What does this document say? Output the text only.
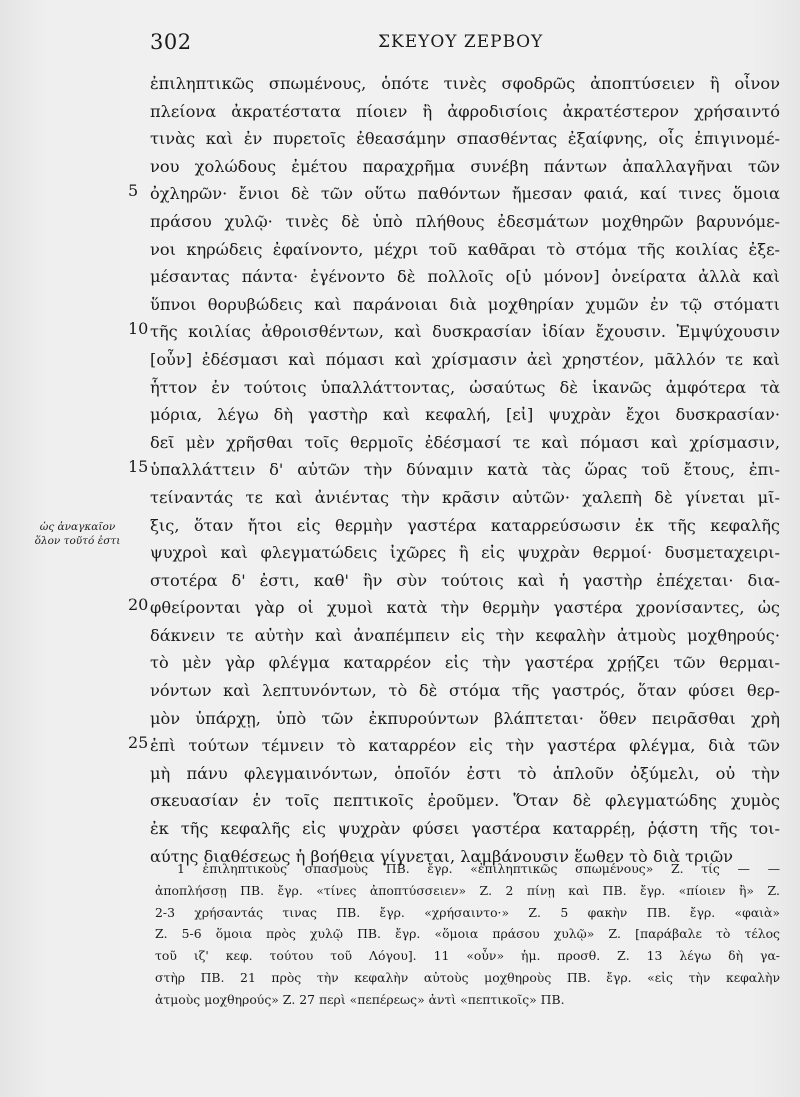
302	ΣΚΕΥΟΥ ΖΕΡΒΟΥ
ἐπιληπτικῶς σπωμένους, ὁπότε τινὲς σφοδρῶς ἀποπτύσειεν ἢ οἶνον
πλείονα ἀκρατέστατα πίοιεν ἢ ἀφροδισίοις ἀκρατέστερον χρήσαιντό
τινὰς καὶ ἐν πυρετοῖς ἐθεασάμην σπασθέντας ἐξαίφνης, οἷς ἐπιγινομέ-
νου χολώδους ἐμέτου παραχρῆμα συνέβη πάντων ἀπαλλαγῆναι τῶν
ὀχληρῶν· ἔνιοι δὲ τῶν οὕτω παθόντων ἤμεσαν φαιά, καί τινες ὅμοια
πράσου χυλῷ· τινὲς δὲ ὑπὸ πλήθους ἐδεσμάτων μοχθηρῶν βαρυνόμε-
νοι κηρώδεις ἐφαίνοντο, μέχρι τοῦ καθᾶραι τὸ στόμα τῆς κοιλίας ἐξε-
μέσαντας πάντα· ἐγένοντο δὲ πολλοῖς ο[ὐ μόνον] ὀνείρατα ἀλλὰ καὶ
ὕπνοι θορυβώδεις καὶ παράνοιαι διὰ μοχθηρίαν χυμῶν ἐν τῷ στόματι
τῆς κοιλίας ἀθροισθέντων, καὶ δυσκρασίαν ἰδίαν ἔχουσιν. Ἐμψύχουσιν
[οὖν] ἐδέσμασι καὶ πόμασι καὶ χρίσμασιν ἀεὶ χρηστέον, μᾶλλόν τε καὶ
ἧττον ἐν τούτοις ὑπαλλάττοντας, ὡσαύτως δὲ ἱκανῶς ἀμφότερα τὰ
μόρια, λέγω δὴ γαστὴρ καὶ κεφαλή, [εἰ] ψυχρὰν ἔχοι δυσκρασίαν·
δεῖ μὲν χρῆσθαι τοῖς θερμοῖς ἐδέσμασί τε καὶ πόμασι καὶ χρίσμασιν,
ὑπαλλάττειν δ' αὐτῶν τὴν δύναμιν κατὰ τὰς ὥρας τοῦ ἔτους, ἐπι-
τείναντάς τε καὶ ἀνιέντας τὴν κρᾶσιν αὐτῶν· χαλεπὴ δὲ γίνεται μῖ-
ξις, ὅταν ἤτοι εἰς θερμὴν γαστέρα καταρρεύσωσιν ἐκ τῆς κεφαλῆς
ψυχροὶ καὶ φλεγματώδεις ἰχῶρες ἢ εἰς ψυχρὰν θερμοί· δυσμεταχειρι-
στοτέρα δ' ἐστι, καθ' ἣν σὺν τούτοις καὶ ἡ γαστὴρ ἐπέχεται· δια-
φθείρονται γὰρ οἱ χυμοὶ κατὰ τὴν θερμὴν γαστέρα χρονίσαντες, ὡς
δάκνειν τε αὐτὴν καὶ ἀναπέμπειν εἰς τὴν κεφαλὴν ἀτμοὺς μοχθηρούς·
τὸ μὲν γὰρ φλέγμα καταρρέον εἰς τὴν γαστέρα χρῄζει τῶν θερμαι-
νόντων καὶ λεπτυνόντων, τὸ δὲ στόμα τῆς γαστρός, ὅταν φύσει θερ-
μὸν ὑπάρχῃ, ὑπὸ τῶν ἐκπυρούντων βλάπτεται· ὅθεν πειρᾶσθαι χρὴ
ἐπὶ τούτων τέμνειν τὸ καταρρέον εἰς τὴν γαστέρα φλέγμα, διὰ τῶν
μὴ πάνυ φλεγμαινόντων, ὁποῖόν ἐστι τὸ ἁπλοῦν ὀξύμελι, οὐ τὴν
σκευασίαν ἐν τοῖς πεπτικοῖς ἐροῦμεν. Ὅταν δὲ φλεγματώδης χυμὸς
ἐκ τῆς κεφαλῆς εἰς ψυχρὰν φύσει γαστέρα καταρρέῃ, ῥᾴστη τῆς τοι-
αύτης διαθέσεως ἡ βοήθεια γίγνεται, λαμβάνουσιν ἕωθεν τὸ διὰ τριῶν
5
10
15
20
25
ὡς ἀναγκαῖον
ὅλον τοῦτό ἐστι
1 ἐπιληπτικοὺς σπασμοὺς ΠΒ. ἔγρ. «ἐπιληπτικῶς σπωμένους» Ζ. τίς — —
ἀποπλήσσῃ ΠΒ. ἔγρ. «τίνες ἀποπτύσσειεν» Ζ. 2 πίνῃ καὶ ΠΒ. ἔγρ. «πίοιεν ἢ» Ζ.
2-3 χρήσαντάς τινας ΠΒ. ἔγρ. «χρήσαιντο·» Ζ. 5 φακὴν ΠΒ. ἔγρ. «φαιὰ»
Ζ. 5-6 ὅμοια πρὸς χυλῷ ΠΒ. ἔγρ. «ὅμοια πράσου χυλῷ» Ζ. [παράβαλε τὸ τέλος
τοῦ ιζ' κεφ. τούτου τοῦ Λόγου]. 11 «οὖν» ἡμ. προσθ. Ζ. 13 λέγω δὴ γα-
στὴρ ΠΒ. 21 πρὸς τὴν κεφαλὴν αὐτοὺς μοχθηροὺς ΠΒ. ἔγρ. «εἰς τὴν κεφαλὴν
ἀτμοὺς μοχθηρούς» Ζ. 27 περὶ «πεπέρεως» ἀντὶ «πεπτικοῖς» ΠΒ.
